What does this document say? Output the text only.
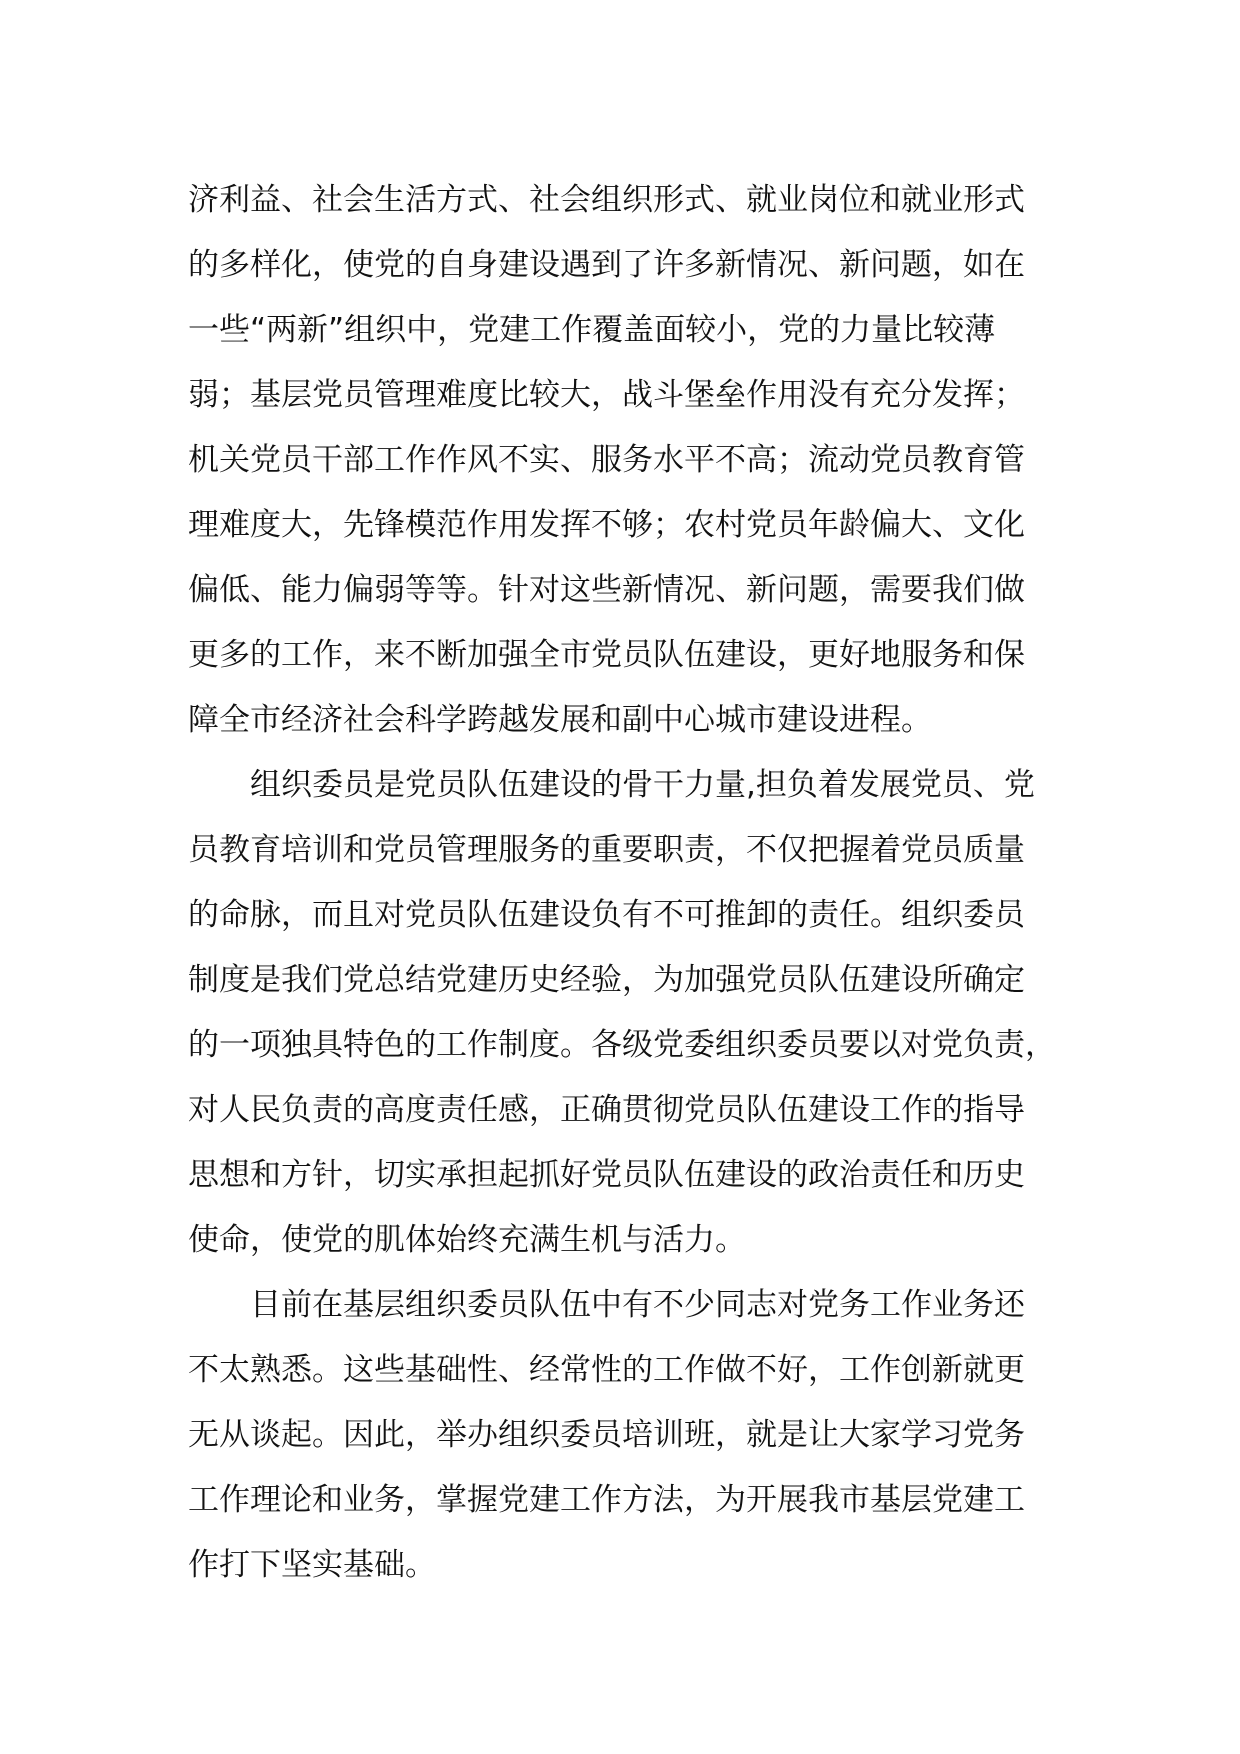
济利益、社会生活方式、社会组织形式、就业岗位和就业形式
的多样化，使党的自身建设遇到了许多新情况、新问题，如在
一些“两新”组织中，党建工作覆盖面较小，党的力量比较薄
弱；基层党员管理难度比较大，战斗堡垒作用没有充分发挥；
机关党员干部工作作风不实、服务水平不高；流动党员教育管
理难度大，先锋模范作用发挥不够；农村党员年龄偏大、文化
偏低、能力偏弱等等。针对这些新情况、新问题，需要我们做
更多的工作，来不断加强全市党员队伍建设，更好地服务和保
障全市经济社会科学跨越发展和副中心城市建设进程。
组织委员是党员队伍建设的骨干力量,担负着发展党员、党
员教育培训和党员管理服务的重要职责，不仅把握着党员质量
的命脉，而且对党员队伍建设负有不可推卸的责任。组织委员
制度是我们党总结党建历史经验，为加强党员队伍建设所确定
的一项独具特色的工作制度。各级党委组织委员要以对党负责，
对人民负责的高度责任感，正确贯彻党员队伍建设工作的指导
思想和方针，切实承担起抓好党员队伍建设的政治责任和历史
使命，使党的肌体始终充满生机与活力。
目前在基层组织委员队伍中有不少同志对党务工作业务还
不太熟悉。这些基础性、经常性的工作做不好，工作创新就更
无从谈起。因此，举办组织委员培训班，就是让大家学习党务
工作理论和业务，掌握党建工作方法，为开展我市基层党建工
作打下坚实基础。
